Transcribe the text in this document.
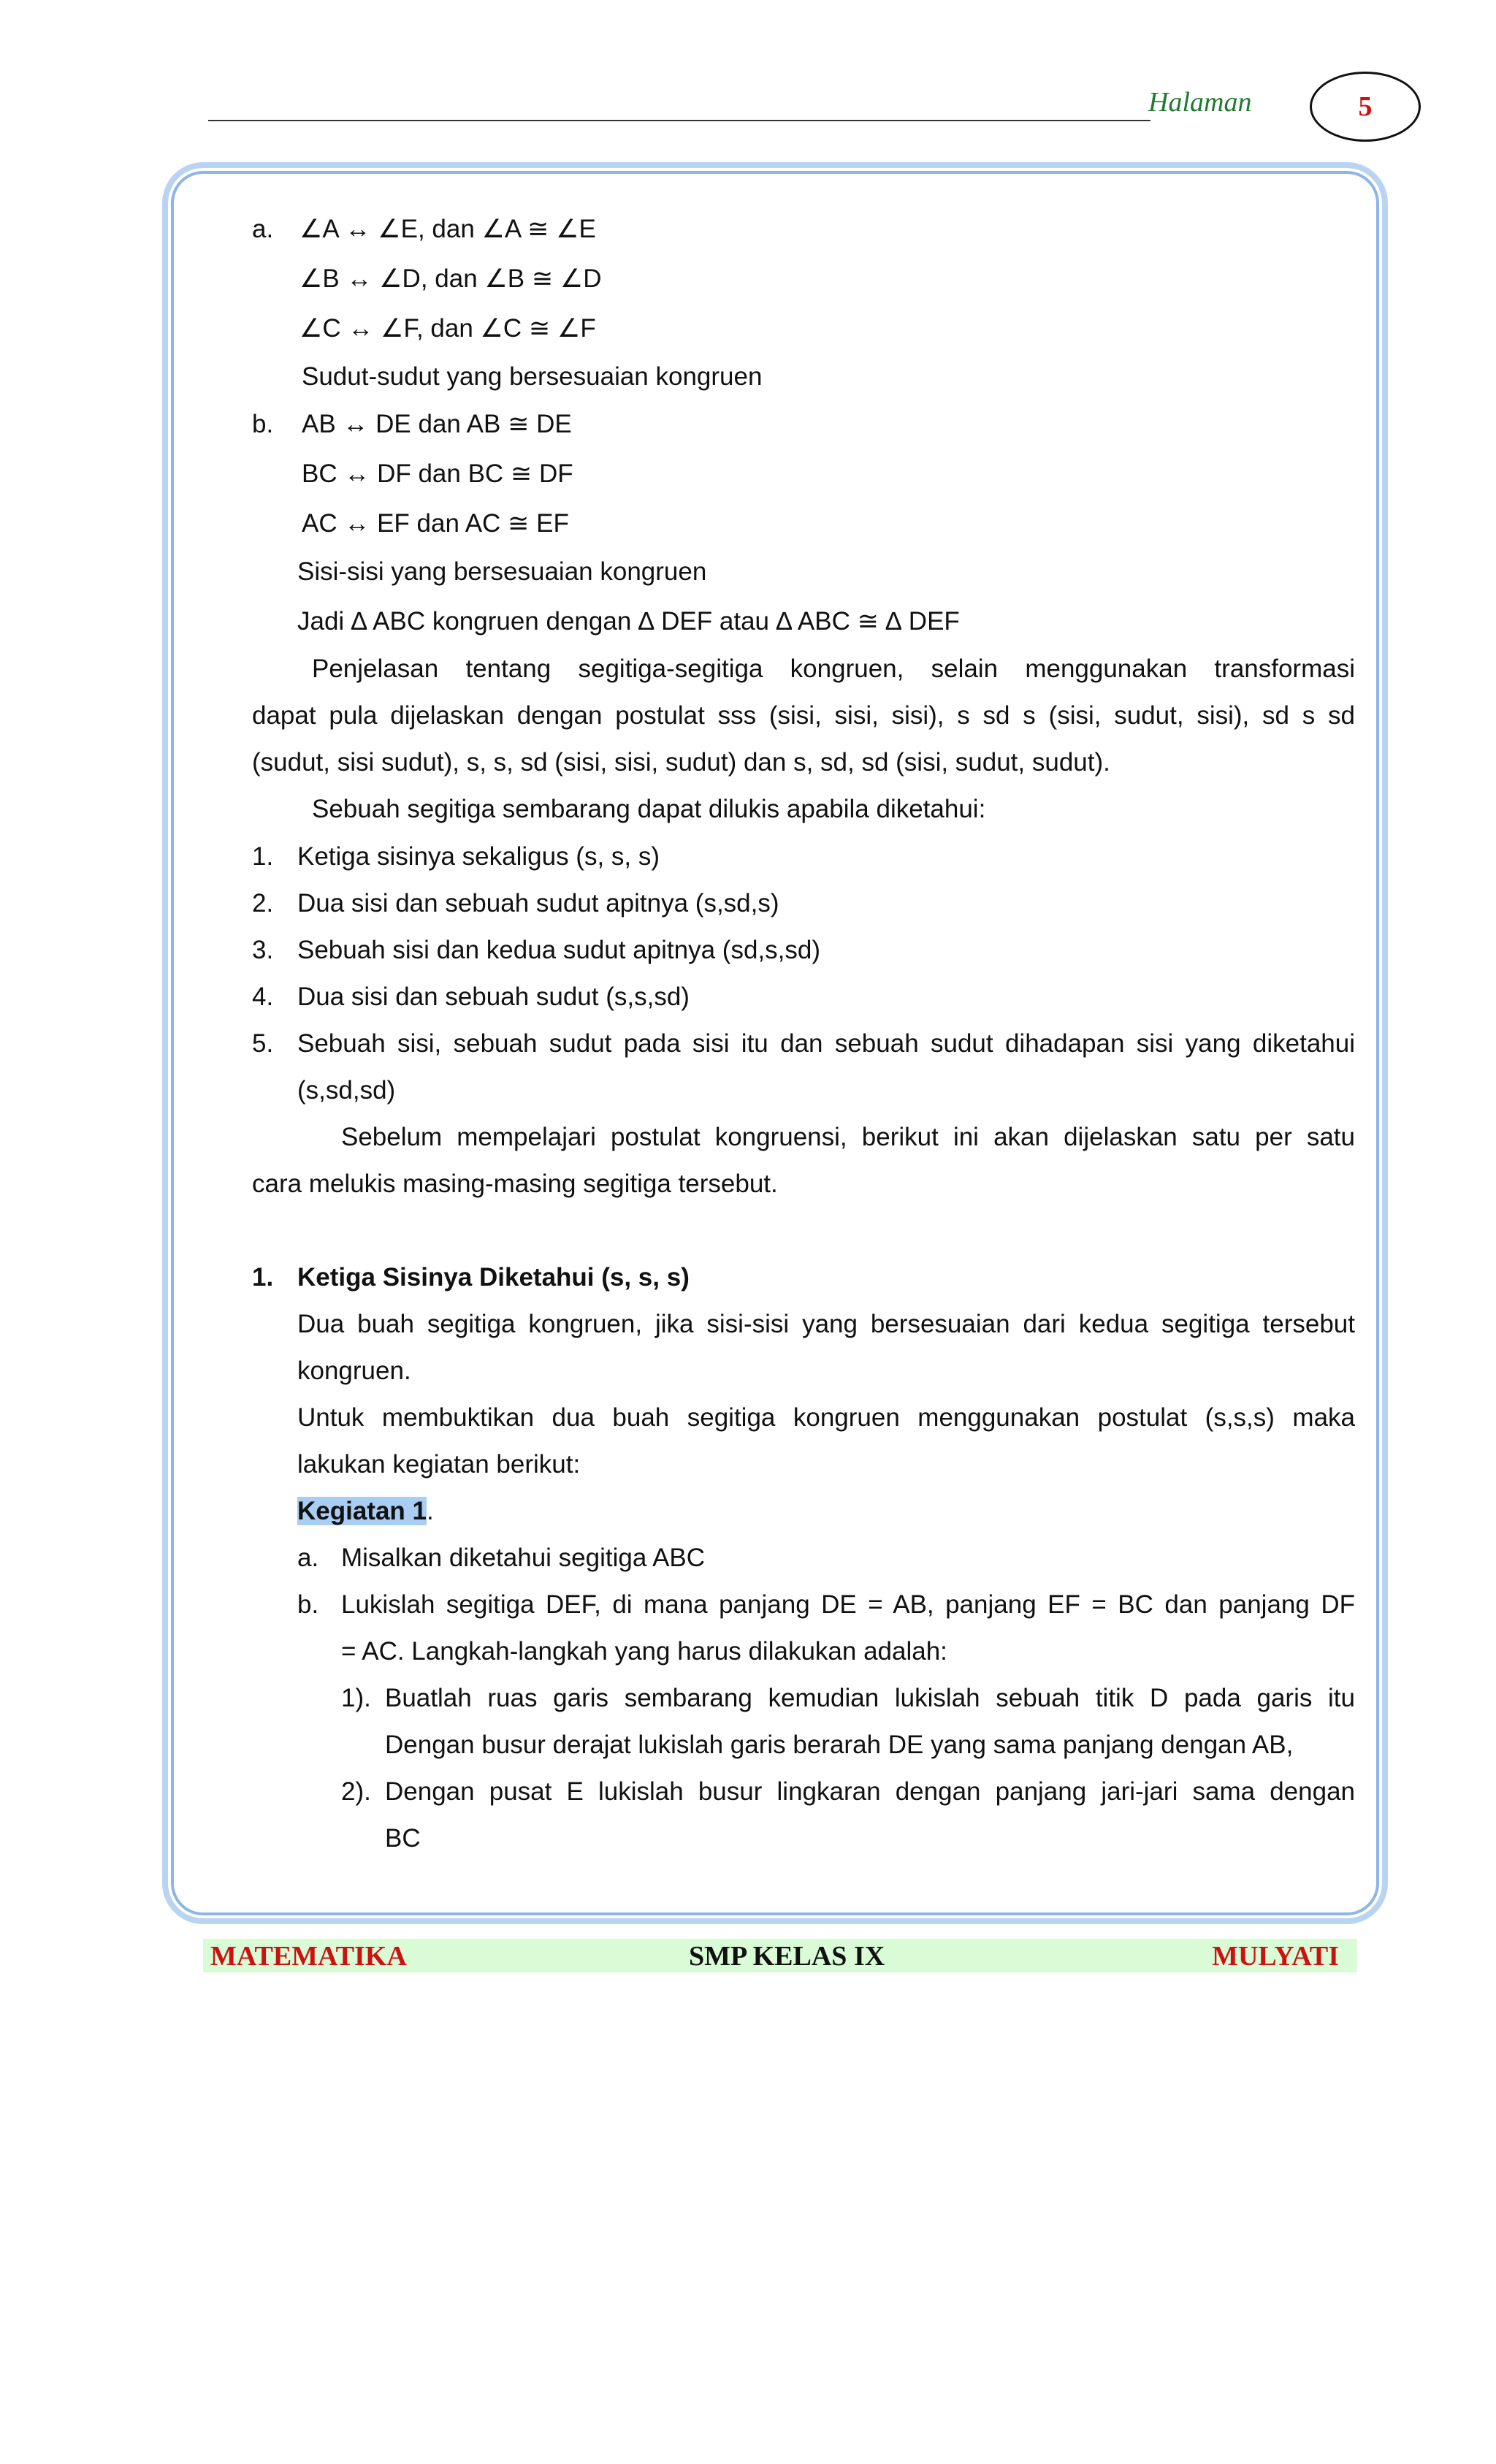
Halaman	5
a. ∠A ↔ ∠E, dan ∠A ≅ ∠E
∠B ↔ ∠D, dan ∠B ≅ ∠D
∠C ↔ ∠F, dan ∠C ≅ ∠F
Sudut-sudut yang bersesuaian kongruen
b. AB ↔ DE dan AB ≅ DE
BC ↔ DF dan BC ≅ DF
AC ↔ EF dan AC ≅ EF
Sisi-sisi yang bersesuaian kongruen
Jadi ∆ ABC kongruen dengan ∆ DEF atau ∆ ABC ≅ ∆ DEF
Penjelasan tentang segitiga-segitiga kongruen, selain menggunakan transformasi
dapat pula dijelaskan dengan postulat sss (sisi, sisi, sisi), s sd s (sisi, sudut, sisi), sd s sd
(sudut, sisi sudut), s, s, sd (sisi, sisi, sudut) dan s, sd, sd (sisi, sudut, sudut).
Sebuah segitiga sembarang dapat dilukis apabila diketahui:
1. Ketiga sisinya sekaligus (s, s, s)
2. Dua sisi dan sebuah sudut apitnya (s,sd,s)
3. Sebuah sisi dan kedua sudut apitnya (sd,s,sd)
4. Dua sisi dan sebuah sudut (s,s,sd)
5. Sebuah sisi, sebuah sudut pada sisi itu dan sebuah sudut dihadapan sisi yang diketahui
(s,sd,sd)
Sebelum mempelajari postulat kongruensi, berikut ini akan dijelaskan satu per satu
cara melukis masing-masing segitiga tersebut.
1. Ketiga Sisinya Diketahui (s, s, s)
Dua buah segitiga kongruen, jika sisi-sisi yang bersesuaian dari kedua segitiga tersebut
kongruen.
Untuk membuktikan dua buah segitiga kongruen menggunakan postulat (s,s,s) maka
lakukan kegiatan berikut:
Kegiatan 1.
a. Misalkan diketahui segitiga ABC
b. Lukislah segitiga DEF, di mana panjang DE = AB, panjang EF = BC dan panjang DF
= AC. Langkah-langkah yang harus dilakukan adalah:
1). Buatlah ruas garis sembarang kemudian lukislah sebuah titik D pada garis itu
Dengan busur derajat lukislah garis berarah DE yang sama panjang dengan AB,
2). Dengan pusat E lukislah busur lingkaran dengan panjang jari-jari sama dengan
BC
MATEMATIKA	SMP KELAS IX	MULYATI
